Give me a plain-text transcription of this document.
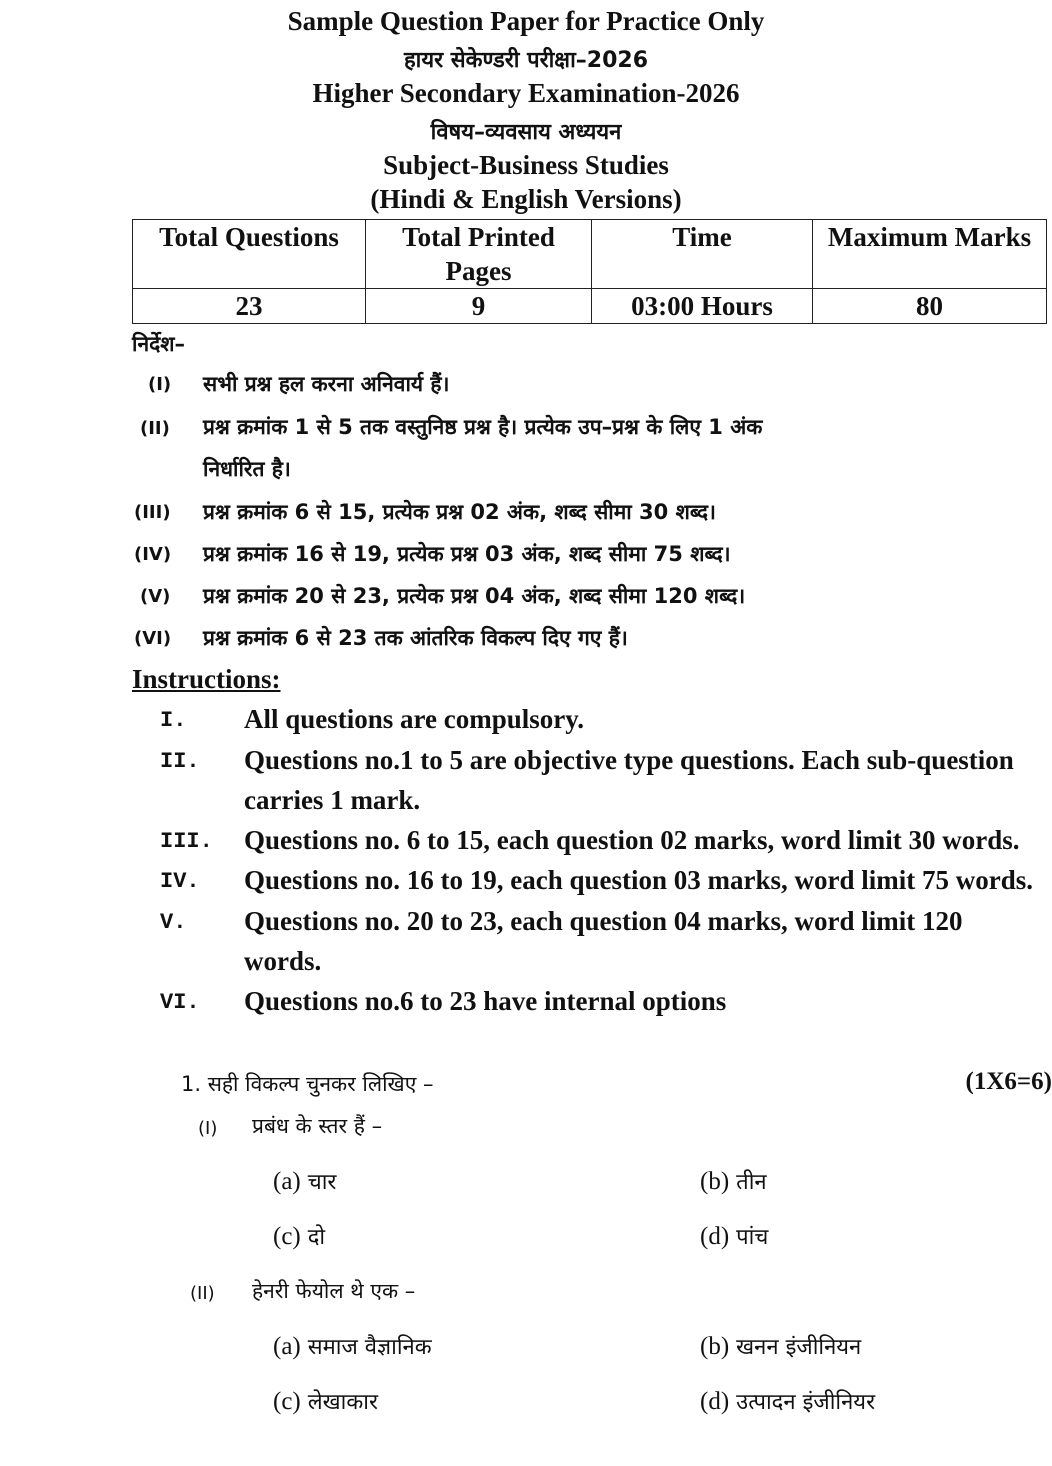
Sample Question Paper for Practice Only
हायर सेकेण्डरी परीक्षा–2026
Higher Secondary Examination-2026
विषय–व्यवसाय अध्ययन
Subject-Business Studies
(Hindi & English Versions)
Total Questions	Total Printed Pages	Time	Maximum Marks
23	9	03:00 Hours	80
निर्देश–
(I) सभी प्रश्न हल करना अनिवार्य हैं।
(II) प्रश्न क्रमांक 1 से 5 तक वस्तुनिष्ठ प्रश्न है। प्रत्येक उप–प्रश्न के लिए 1 अंक
निर्धारित है।
(III) प्रश्न क्रमांक 6 से 15, प्रत्येक प्रश्न 02 अंक, शब्द सीमा 30 शब्द।
(IV) प्रश्न क्रमांक 16 से 19, प्रत्येक प्रश्न 03 अंक, शब्द सीमा 75 शब्द।
(V) प्रश्न क्रमांक 20 से 23, प्रत्येक प्रश्न 04 अंक, शब्द सीमा 120 शब्द।
(VI) प्रश्न क्रमांक 6 से 23 तक आंतरिक विकल्प दिए गए हैं।
Instructions:
I. All questions are compulsory.
II. Questions no.1 to 5 are objective type questions. Each sub-question
carries 1 mark.
III. Questions no. 6 to 15, each question 02 marks, word limit 30 words.
IV. Questions no. 16 to 19, each question 03 marks, word limit 75 words.
V. Questions no. 20 to 23, each question 04 marks, word limit 120
words.
VI. Questions no.6 to 23 have internal options
1. सही विकल्प चुनकर लिखिए –	(1X6=6)
(I) प्रबंध के स्तर हैं –
(a) चार	(b) तीन
(c) दो	(d) पांच
(II) हेनरी फेयोल थे एक –
(a) समाज वैज्ञानिक	(b) खनन इंजीनियन
(c) लेखाकार	(d) उत्पादन इंजीनियर
